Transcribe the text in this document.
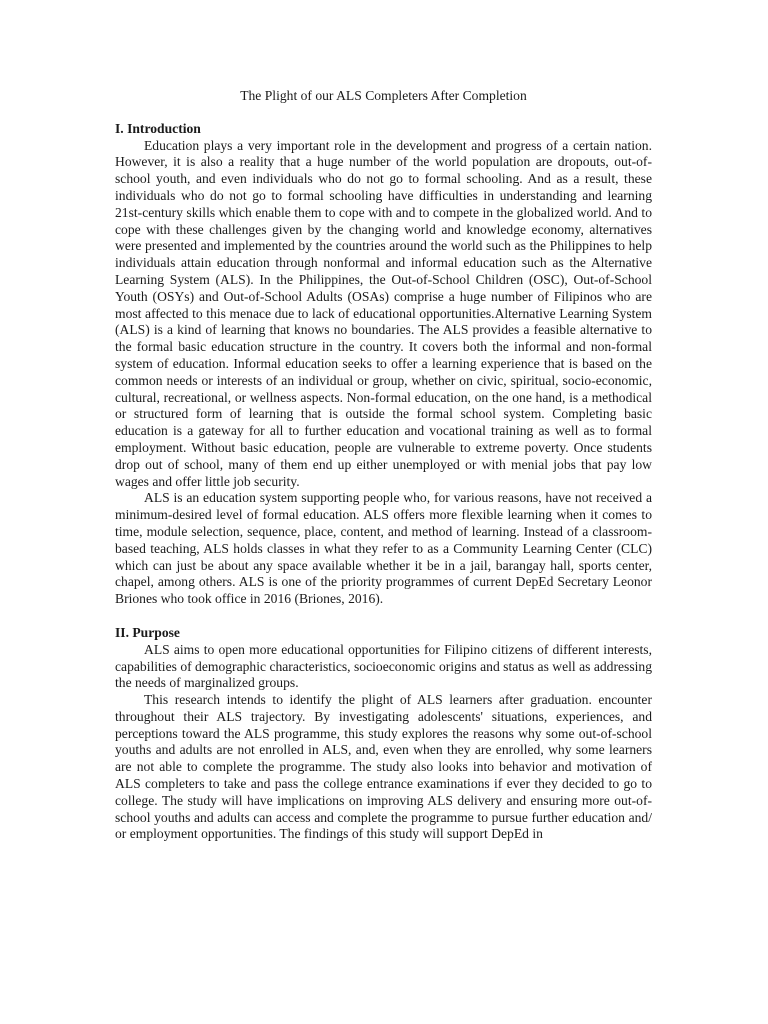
The Plight of our ALS Completers After Completion
I. Introduction

Education plays a very important role in the development and progress of a certain nation. However, it is also a reality that a huge number of the world population are dropouts, out-of-school youth, and even individuals who do not go to formal schooling. And as a result, these individuals who do not go to formal schooling have difficulties in understanding and learning 21st-century skills which enable them to cope with and to compete in the globalized world. And to cope with these challenges given by the changing world and knowledge economy, alternatives were presented and implemented by the countries around the world such as the Philippines to help individuals attain education through nonformal and informal education such as the Alternative Learning System (ALS). In the Philippines, the Out-of-School Children (OSC), Out-of-School Youth (OSYs) and Out-of-School Adults (OSAs) comprise a huge number of Filipinos who are most affected to this menace due to lack of educational opportunities.Alternative Learning System (ALS) is a kind of learning that knows no boundaries. The ALS provides a feasible alternative to the formal basic education structure in the country. It covers both the informal and non-formal system of education. Informal education seeks to offer a learning experience that is based on the common needs or interests of an individual or group, whether on civic, spiritual, socio-economic, cultural, recreational, or wellness aspects. Non-formal education, on the one hand, is a methodical or structured form of learning that is outside the formal school system. Completing basic education is a gateway for all to further education and vocational training as well as to formal employment. Without basic education, people are vulnerable to extreme poverty. Once students drop out of school, many of them end up either unemployed or with menial jobs that pay low wages and offer little job security.

ALS is an education system supporting people who, for various reasons, have not received a minimum-desired level of formal education. ALS offers more flexible learning when it comes to time, module selection, sequence, place, content, and method of learning. Instead of a classroom-based teaching, ALS holds classes in what they refer to as a Community Learning Center (CLC) which can just be about any space available whether it be in a jail, barangay hall, sports center, chapel, among others. ALS is one of the priority programmes of current DepEd Secretary Leonor Briones who took office in 2016 (Briones, 2016).

II. Purpose

ALS aims to open more educational opportunities for Filipino citizens of different interests, capabilities of demographic characteristics, socioeconomic origins and status as well as addressing the needs of marginalized groups.

This research intends to identify the plight of ALS learners after graduation. encounter throughout their ALS trajectory. By investigating adolescents' situations, experiences, and perceptions toward the ALS programme, this study explores the reasons why some out-of-school youths and adults are not enrolled in ALS, and, even when they are enrolled, why some learners are not able to complete the programme. The study also looks into behavior and motivation of ALS completers to take and pass the college entrance examinations if ever they decided to go to college. The study will have implications on improving ALS delivery and ensuring more out-of-school youths and adults can access and complete the programme to pursue further education and/ or employment opportunities. The findings of this study will support DepEd in
